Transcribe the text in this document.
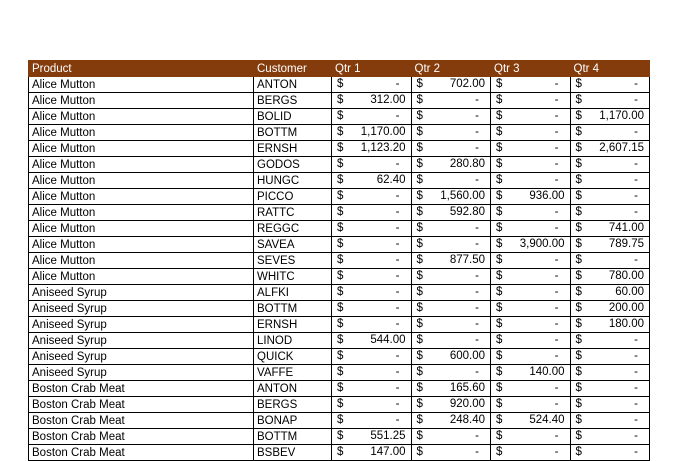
Product	Customer	Qtr 1	Qtr 2	Qtr 3	Qtr 4
Alice Mutton	ANTON	$ -	$ 702.00	$ -	$ -

Alice Mutton	BERGS	$ 312.00	$ -	$ -	$ -

Alice Mutton	BOLID	$ -	$ -	$ -	$ 1,170.00

Alice Mutton	BOTTM	$ 1,170.00	$ -	$ -	$ -

Alice Mutton	ERNSH	$ 1,123.20	$ -	$ -	$ 2,607.15

Alice Mutton	GODOS	$ -	$ 280.80	$ -	$ -

Alice Mutton	HUNGC	$ 62.40	$ -	$ -	$ -

Alice Mutton	PICCO	$ -	$ 1,560.00	$ 936.00	$ -

Alice Mutton	RATTC	$ -	$ 592.80	$ -	$ -

Alice Mutton	REGGC	$ -	$ -	$ -	$ 741.00

Alice Mutton	SAVEA	$ -	$ -	$ 3,900.00	$ 789.75

Alice Mutton	SEVES	$ -	$ 877.50	$ -	$ -

Alice Mutton	WHITC	$ -	$ -	$ -	$ 780.00

Aniseed Syrup	ALFKI	$ -	$ -	$ -	$ 60.00

Aniseed Syrup	BOTTM	$ -	$ -	$ -	$ 200.00

Aniseed Syrup	ERNSH	$ -	$ -	$ -	$ 180.00

Aniseed Syrup	LINOD	$ 544.00	$ -	$ -	$ -

Aniseed Syrup	QUICK	$ -	$ 600.00	$ -	$ -

Aniseed Syrup	VAFFE	$ -	$ -	$ 140.00	$ -

Boston Crab Meat	ANTON	$ -	$ 165.60	$ -	$ -

Boston Crab Meat	BERGS	$ -	$ 920.00	$ -	$ -

Boston Crab Meat	BONAP	$ -	$ 248.40	$ 524.40	$ -

Boston Crab Meat	BOTTM	$ 551.25	$ -	$ -	$ -

Boston Crab Meat	BSBEV	$ 147.00	$ -	$ -	$ -
